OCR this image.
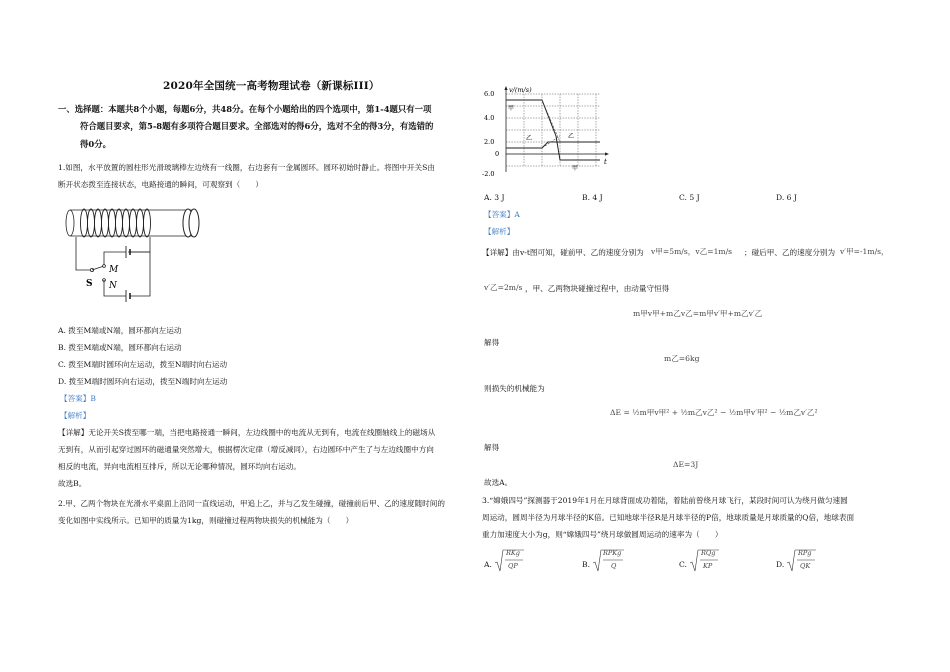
2020年全国统一高考物理试卷（新课标III）
一、选择题：本题共8个小题，每题6分，共48分。在每个小题给出的四个选项中，第1-4题只有一项
符合题目要求，第5-8题有多项符合题目要求。全部选对的得6分，选对不全的得3分，有选错的
得0分。
1.如图，水平放置的圆柱形光滑玻璃棒左边绕有一线圈，右边套有一金属圆环。圆环初始时静止。将图中开关S由
断开状态拨至连接状态，电路接通的瞬间，可观察到（　　）
M
S N
A. 拨至M端或N端，圆环都向左运动
B. 拨至M端或N端，圆环都向右运动
C. 拨至M端时圆环向左运动，拨至N端时向右运动
D. 拨至M端时圆环向右运动，拨至N端时向左运动
【答案】B
【解析】
【详解】无论开关S拨至哪一端，当把电路接通一瞬间，左边线圈中的电流从无到有，电流在线圈轴线上的磁场从
无到有，从而引起穿过圆环的磁通量突然增大，根据楞次定律（增反减同），右边圆环中产生了与左边线圈中方向
相反的电流，异向电流相互排斥，所以无论哪种情况，圆环均向右运动。
故选B。
2.甲、乙两个物块在光滑水平桌面上沿同一直线运动，甲追上乙，并与乙发生碰撞，碰撞前后甲、乙的速度随时间的
变化如图中实线所示。已知甲的质量为1kg，则碰撞过程两物块损失的机械能为（　　）
6.0
4.0
2.0
0
-2.0
v/(m/s)
t
甲
乙	乙
甲
A. 3 J	B. 4 J	C. 5 J	D. 6 J
【答案】A
【解析】
【详解】由v-t图可知，碰前甲、乙的速度分别为 v甲=5m/s，v乙=1m/s ；碰后甲、乙的速度分别为 v′甲=-1m/s，
v′乙=2m/s ，甲、乙两物块碰撞过程中，由动量守恒得
m甲v甲+m乙v乙=m甲v′甲+m乙v′乙
解得
m乙=6kg
则损失的机械能为
ΔE = ½m甲v甲² + ½m乙v乙² − ½m甲v′甲² − ½m乙v′乙²
解得
ΔE=3J
故选A。
3.“嫦娥四号”探测器于2019年1月在月球背面成功着陆，着陆前曾绕月球飞行，某段时间可认为绕月做匀速圆
周运动，圆周半径为月球半径的K倍。已知地球半径R是月球半径的P倍，地球质量是月球质量的Q倍，地球表面
重力加速度大小为g，则“嫦娥四号”绕月球做圆周运动的速率为（　　）
A.
RKg
QP	B.
RPKg
Q	C.
RQg
KP	D.
RPg
QK
